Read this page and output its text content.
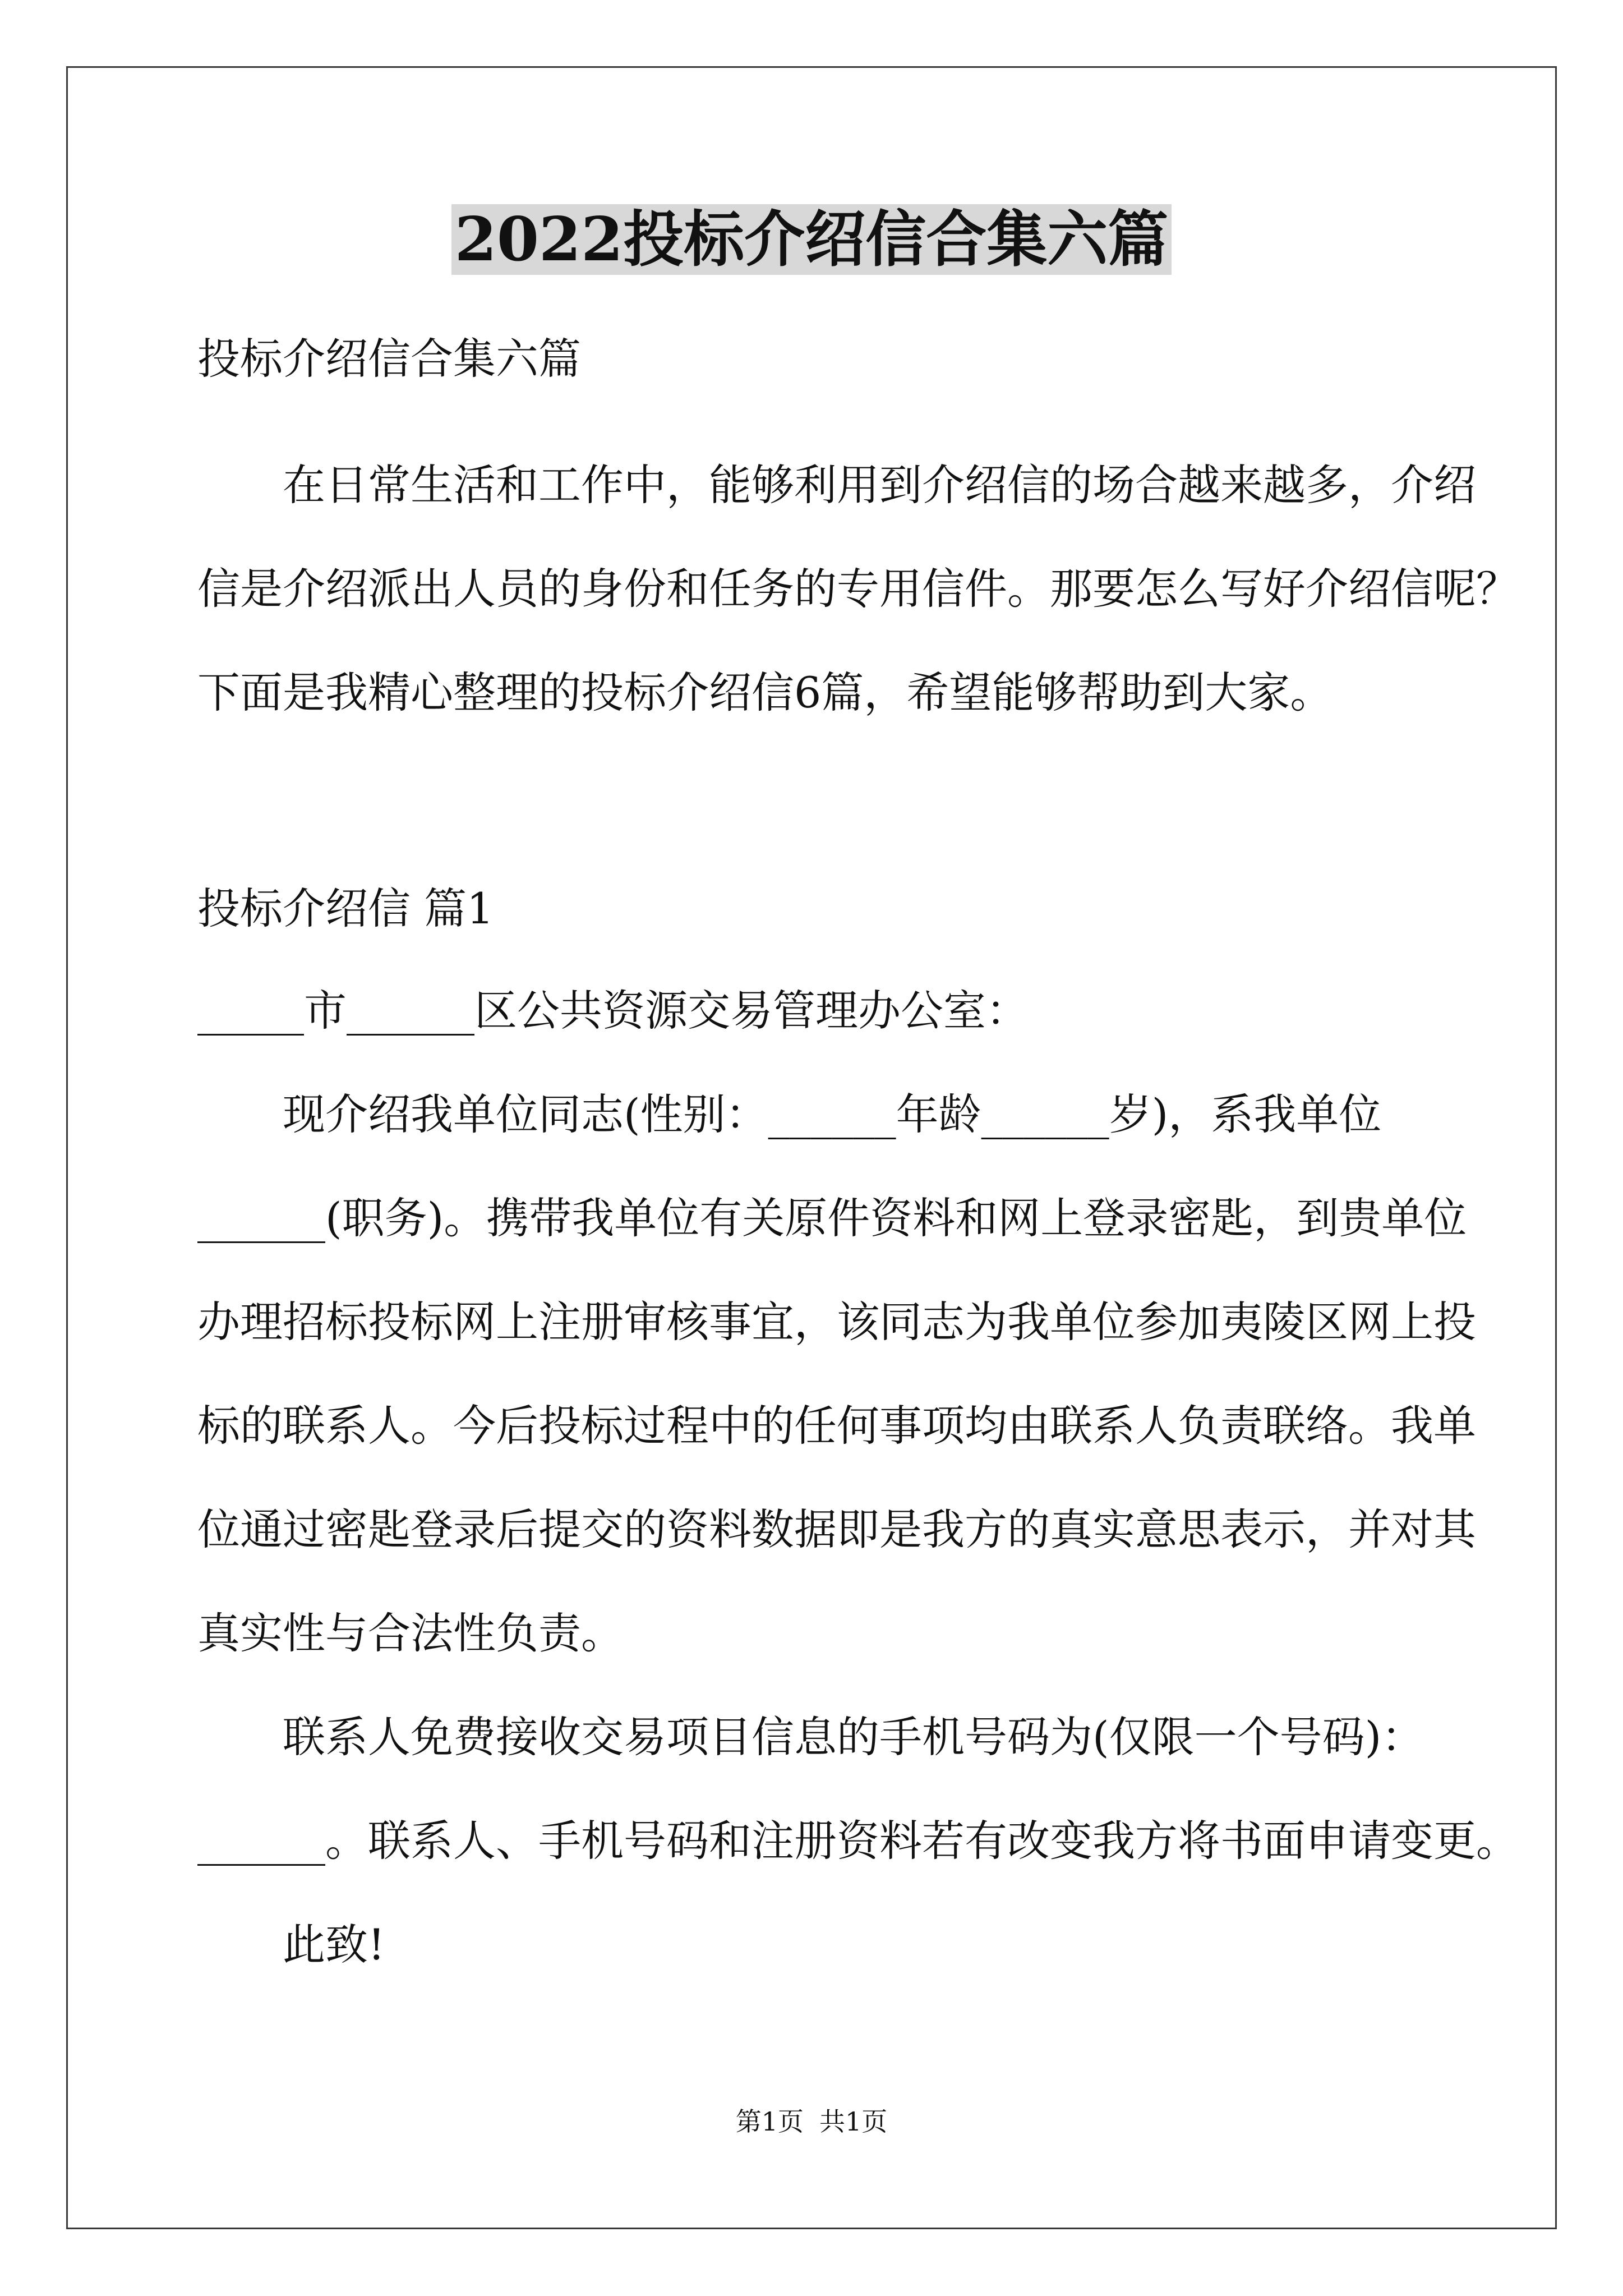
2022投标介绍信合集六篇

投标介绍信合集六篇

　　在日常生活和工作中，能够利用到介绍信的场合越来越多，介绍

信是介绍派出人员的身份和任务的专用信件。那要怎么写好介绍信呢？

下面是我精心整理的投标介绍信6篇，希望能够帮助到大家。

投标介绍信 篇1

_____市______区公共资源交易管理办公室：

　　现介绍我单位同志(性别：______年龄______岁)，系我单位

______(职务)。携带我单位有关原件资料和网上登录密匙，到贵单位

办理招标投标网上注册审核事宜，该同志为我单位参加夷陵区网上投

标的联系人。今后投标过程中的任何事项均由联系人负责联络。我单

位通过密匙登录后提交的资料数据即是我方的真实意思表示，并对其

真实性与合法性负责。

　　联系人免费接收交易项目信息的手机号码为(仅限一个号码)：

______。联系人、手机号码和注册资料若有改变我方将书面申请变更。

　　此致!

第1页 共1页
